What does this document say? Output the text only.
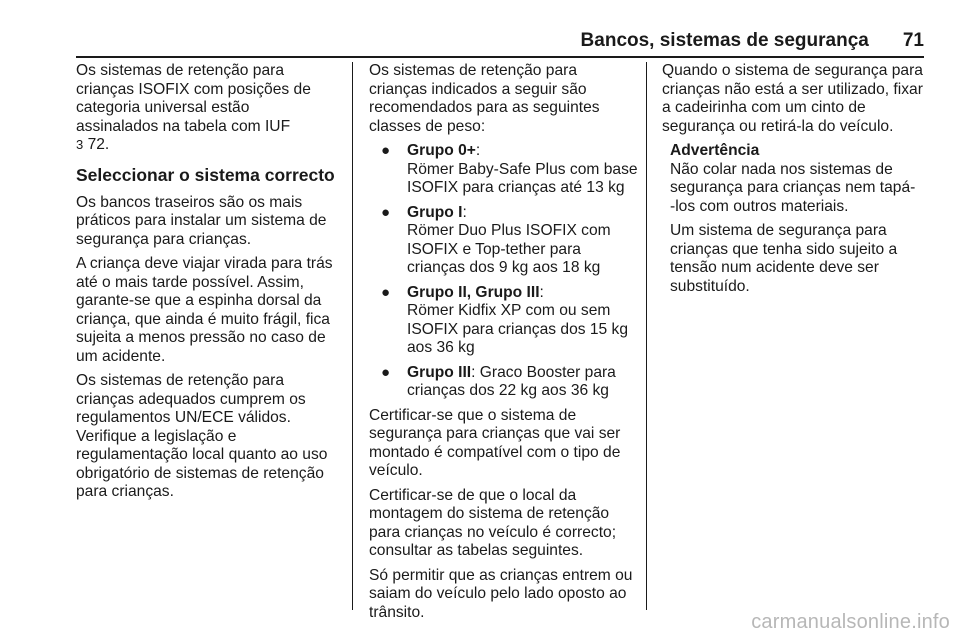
Bancos, sistemas de segurança 71

Os sistemas de retenção para
crianças ISOFIX com posições de
categoria universal estão
assinalados na tabela com IUF
3 72.

Seleccionar o sistema correcto

Os bancos traseiros são os mais
práticos para instalar um sistema de
segurança para crianças.

A criança deve viajar virada para trás
até o mais tarde possível. Assim,
garante-se que a espinha dorsal da
criança, que ainda é muito frágil, fica
sujeita a menos pressão no caso de
um acidente.

Os sistemas de retenção para
crianças adequados cumprem os
regulamentos UN/ECE válidos.
Verifique a legislação e
regulamentação local quanto ao uso
obrigatório de sistemas de retenção
para crianças.

Os sistemas de retenção para
crianças indicados a seguir são
recomendados para as seguintes
classes de peso:

● Grupo 0+:
Römer Baby-Safe Plus com base
ISOFIX para crianças até 13 kg
● Grupo I:
Römer Duo Plus ISOFIX com
ISOFIX e Top-tether para
crianças dos 9 kg aos 18 kg
● Grupo II, Grupo III:
Römer Kidfix XP com ou sem
ISOFIX para crianças dos 15 kg
aos 36 kg
● Grupo III: Graco Booster para
crianças dos 22 kg aos 36 kg

Certificar-se que o sistema de
segurança para crianças que vai ser
montado é compatível com o tipo de
veículo.

Certificar-se de que o local da
montagem do sistema de retenção
para crianças no veículo é correcto;
consultar as tabelas seguintes.

Só permitir que as crianças entrem ou
saiam do veículo pelo lado oposto ao
trânsito.

Quando o sistema de segurança para
crianças não está a ser utilizado, fixar
a cadeirinha com um cinto de
segurança ou retirá-la do veículo.

Advertência

Não colar nada nos sistemas de
segurança para crianças nem tapá-
-los com outros materiais.

Um sistema de segurança para
crianças que tenha sido sujeito a
tensão num acidente deve ser
substituído.

carmanualsonline.info
